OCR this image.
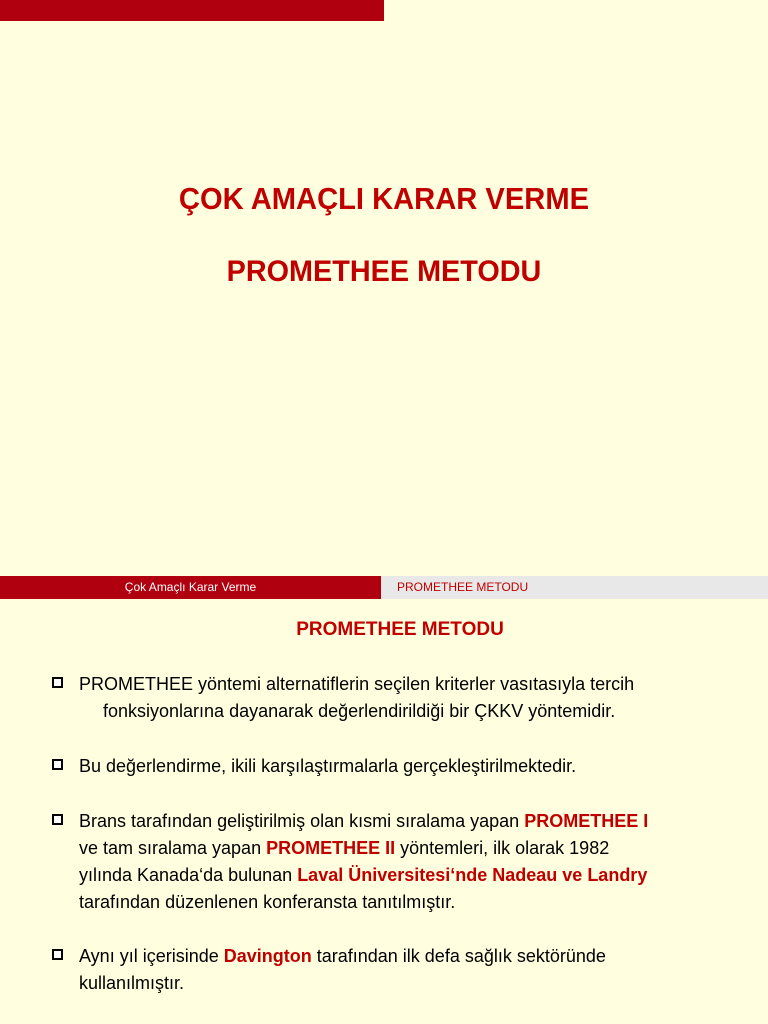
ÇOK AMAÇLI KARAR VERME
PROMETHEE METODU
Çok Amaçlı Karar Verme	PROMETHEE METODU
PROMETHEE METODU
PROMETHEE yöntemi alternatiflerin seçilen kriterler vasıtasıyla tercih
fonksiyonlarına dayanarak değerlendirildiği bir ÇKKV yöntemidir.
Bu değerlendirme, ikili karşılaştırmalarla gerçekleştirilmektedir.
Brans tarafından geliştirilmiş olan kısmi sıralama yapan PROMETHEE I
ve tam sıralama yapan PROMETHEE II yöntemleri, ilk olarak 1982
yılında Kanada‘da bulunan Laval Üniversitesi‘nde Nadeau ve Landry
tarafından düzenlenen konferansta tanıtılmıştır.
Aynı yıl içerisinde Davington tarafından ilk defa sağlık sektöründe
kullanılmıştır.
